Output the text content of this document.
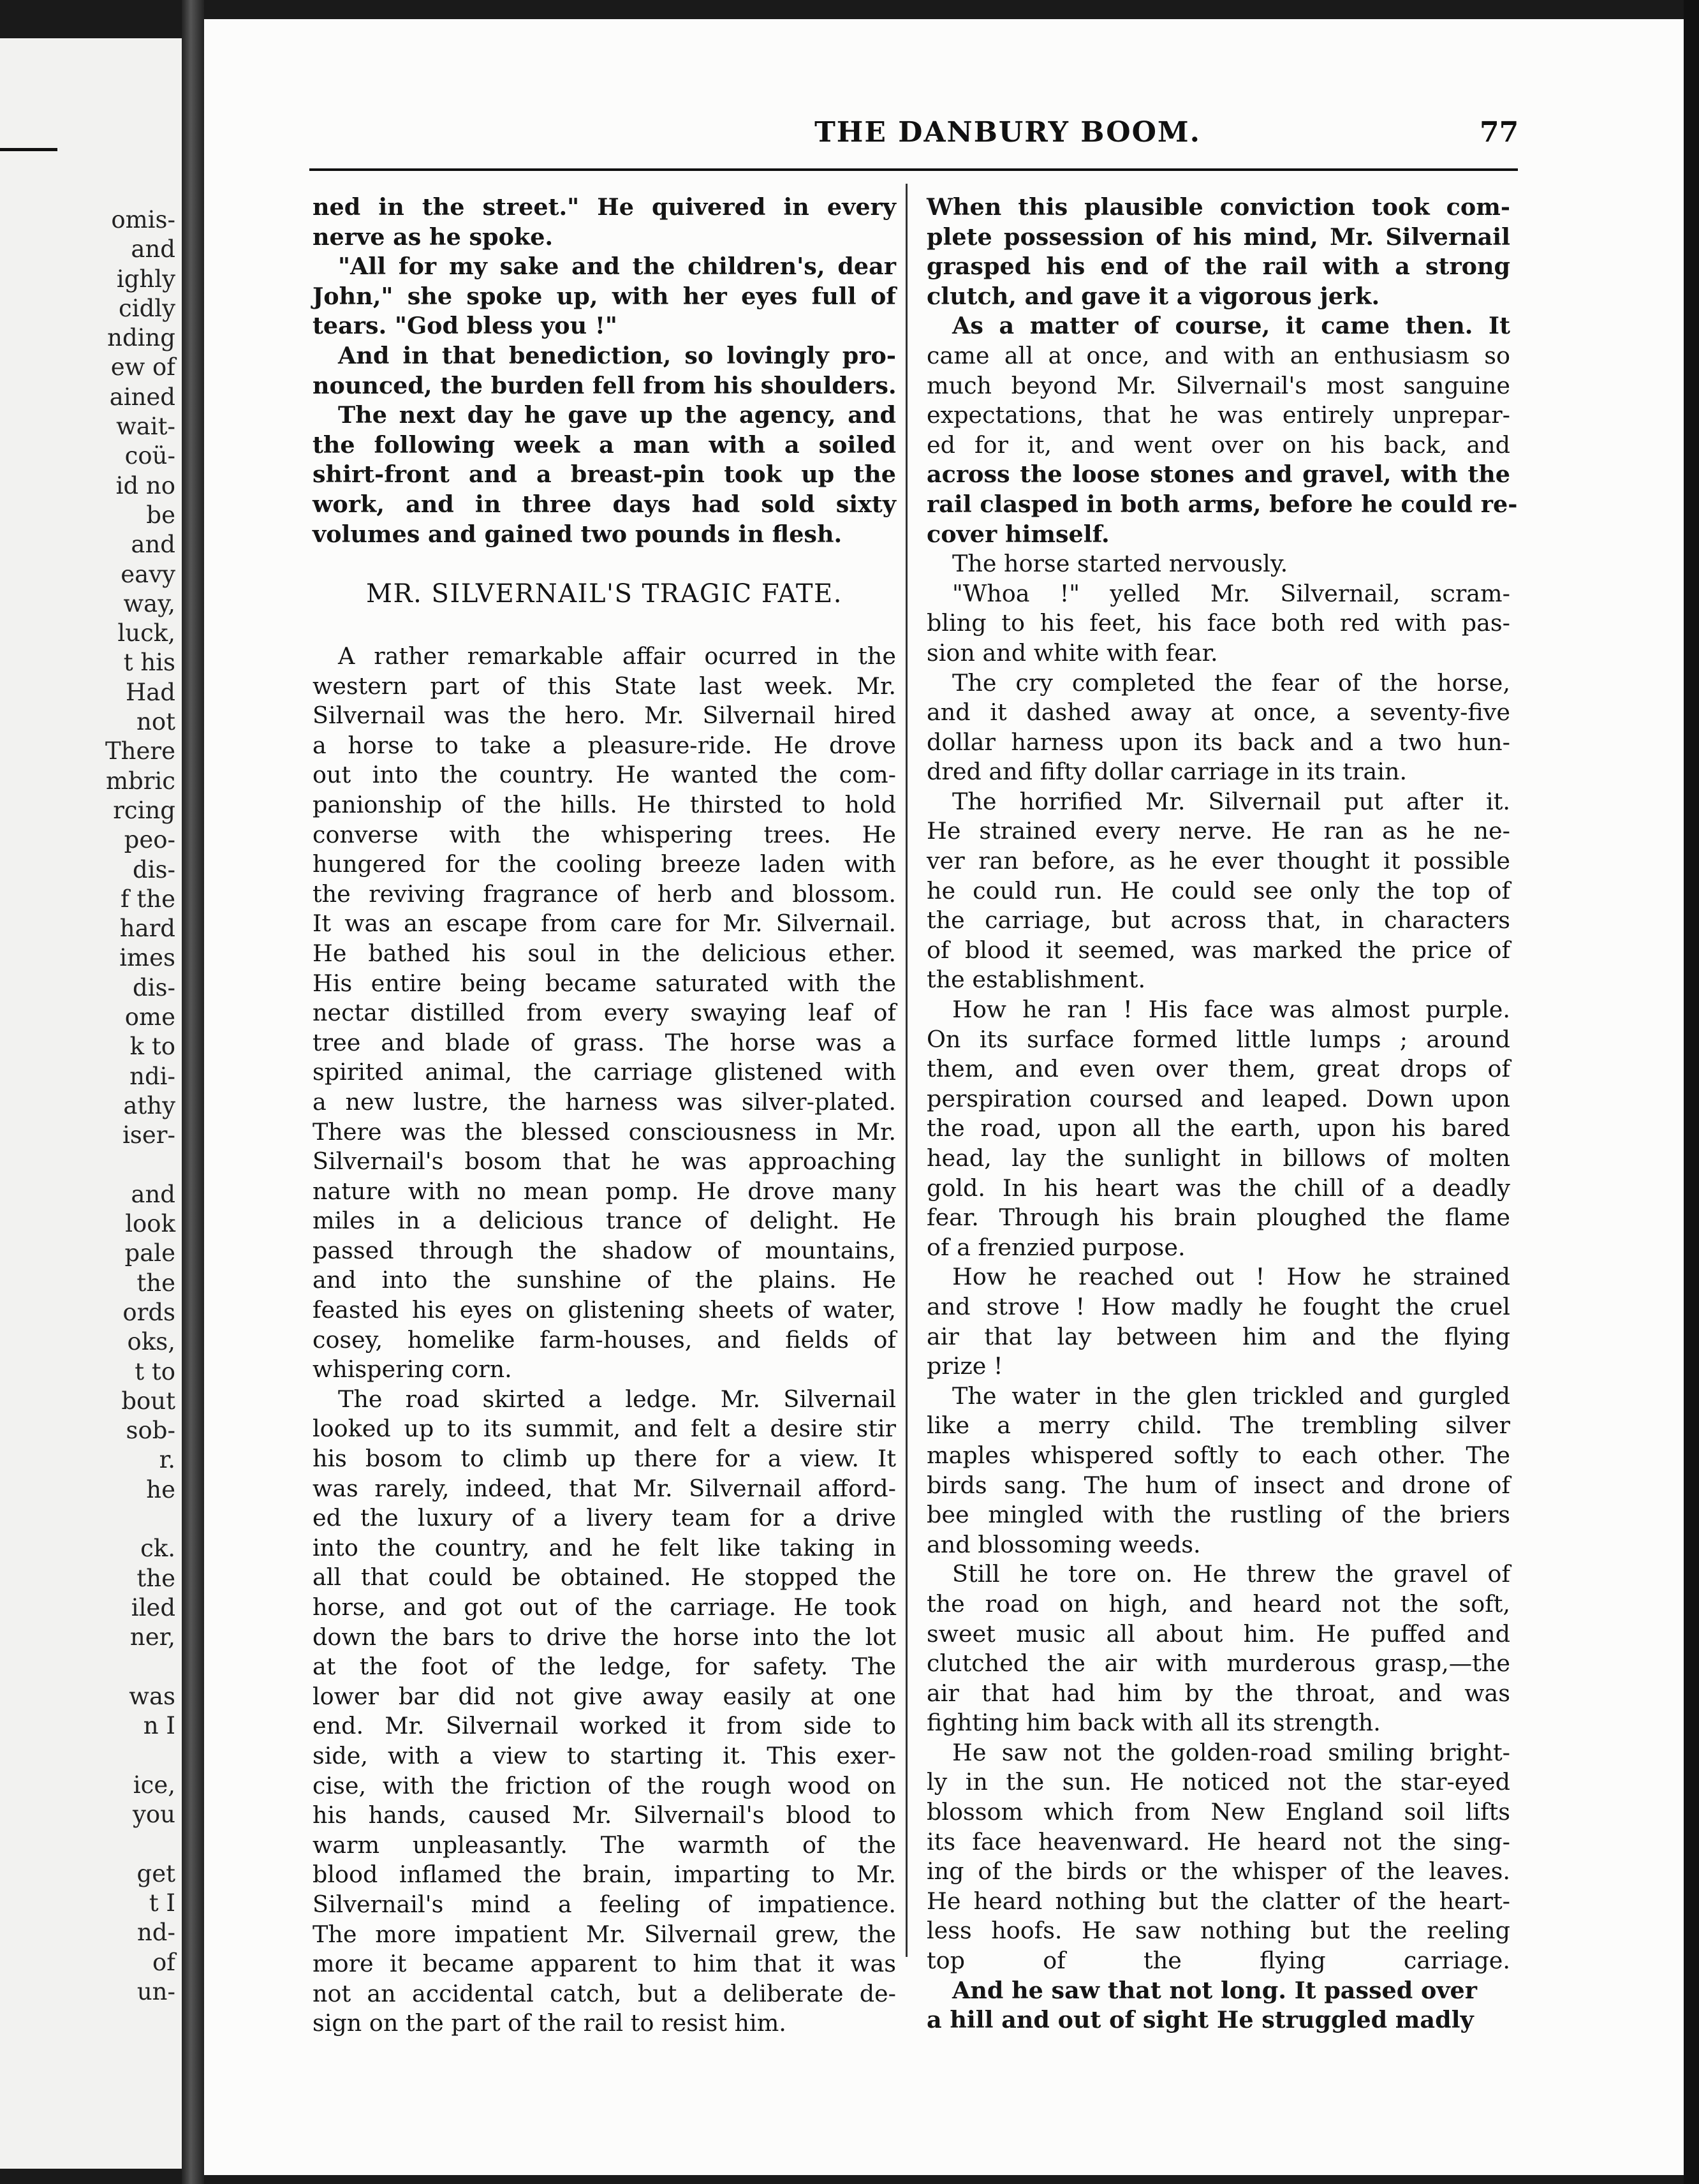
omis-
and
ighly
cidly
nding
ew of
ained
wait-
coü-
id no
be
and
eavy
way,
luck,
t his
Had
not
There
mbric
rcing
peo-
dis-
f the
hard
imes
dis-
ome
k to
ndi-
athy
iser-

and
look
pale
the
ords
oks,
t to
bout
sob-
r.
he

ck.
the
iled
ner,

was
n I

ice,
you

get
t I
nd-
of
un-
THE DANBURY BOOM.	77
ned in the street." He quivered in every
nerve as he spoke.
"All for my sake and the children's, dear
John," she spoke up, with her eyes full of
tears. "God bless you !"
And in that benediction, so lovingly pro-
nounced, the burden fell from his shoulders.
The next day he gave up the agency, and
the following week a man with a soiled
shirt-front and a breast-pin took up the
work, and in three days had sold sixty
volumes and gained two pounds in flesh.
MR. SILVERNAIL'S TRAGIC FATE.
A rather remarkable affair ocurred in the
western part of this State last week. Mr.
Silvernail was the hero. Mr. Silvernail hired
a horse to take a pleasure-ride. He drove
out into the country. He wanted the com-
panionship of the hills. He thirsted to hold
converse with the whispering trees. He
hungered for the cooling breeze laden with
the reviving fragrance of herb and blossom.
It was an escape from care for Mr. Silvernail.
He bathed his soul in the delicious ether.
His entire being became saturated with the
nectar distilled from every swaying leaf of
tree and blade of grass. The horse was a
spirited animal, the carriage glistened with
a new lustre, the harness was silver-plated.
There was the blessed consciousness in Mr.
Silvernail's bosom that he was approaching
nature with no mean pomp. He drove many
miles in a delicious trance of delight. He
passed through the shadow of mountains,
and into the sunshine of the plains. He
feasted his eyes on glistening sheets of water,
cosey, homelike farm-houses, and fields of
whispering corn.
The road skirted a ledge. Mr. Silvernail
looked up to its summit, and felt a desire stir
his bosom to climb up there for a view. It
was rarely, indeed, that Mr. Silvernail afford-
ed the luxury of a livery team for a drive
into the country, and he felt like taking in
all that could be obtained. He stopped the
horse, and got out of the carriage. He took
down the bars to drive the horse into the lot
at the foot of the ledge, for safety. The
lower bar did not give away easily at one
end. Mr. Silvernail worked it from side to
side, with a view to starting it. This exer-
cise, with the friction of the rough wood on
his hands, caused Mr. Silvernail's blood to
warm unpleasantly. The warmth of the
blood inflamed the brain, imparting to Mr.
Silvernail's mind a feeling of impatience.
The more impatient Mr. Silvernail grew, the
more it became apparent to him that it was
not an accidental catch, but a deliberate de-
sign on the part of the rail to resist him.
When this plausible conviction took com-
plete possession of his mind, Mr. Silvernail
grasped his end of the rail with a strong
clutch, and gave it a vigorous jerk.
As a matter of course, it came then. It
came all at once, and with an enthusiasm so
much beyond Mr. Silvernail's most sanguine
expectations, that he was entirely unprepar-
ed for it, and went over on his back, and
across the loose stones and gravel, with the
rail clasped in both arms, before he could re-
cover himself.
The horse started nervously.
"Whoa !" yelled Mr. Silvernail, scram-
bling to his feet, his face both red with pas-
sion and white with fear.
The cry completed the fear of the horse,
and it dashed away at once, a seventy-five
dollar harness upon its back and a two hun-
dred and fifty dollar carriage in its train.
The horrified Mr. Silvernail put after it.
He strained every nerve. He ran as he ne-
ver ran before, as he ever thought it possible
he could run. He could see only the top of
the carriage, but across that, in characters
of blood it seemed, was marked the price of
the establishment.
How he ran ! His face was almost purple.
On its surface formed little lumps ; around
them, and even over them, great drops of
perspiration coursed and leaped. Down upon
the road, upon all the earth, upon his bared
head, lay the sunlight in billows of molten
gold. In his heart was the chill of a deadly
fear. Through his brain ploughed the flame
of a frenzied purpose.
How he reached out ! How he strained
and strove ! How madly he fought the cruel
air that lay between him and the flying
prize !
The water in the glen trickled and gurgled
like a merry child. The trembling silver
maples whispered softly to each other. The
birds sang. The hum of insect and drone of
bee mingled with the rustling of the briers
and blossoming weeds.
Still he tore on. He threw the gravel of
the road on high, and heard not the soft,
sweet music all about him. He puffed and
clutched the air with murderous grasp,—the
air that had him by the throat, and was
fighting him back with all its strength.
He saw not the golden-road smiling bright-
ly in the sun. He noticed not the star-eyed
blossom which from New England soil lifts
its face heavenward. He heard not the sing-
ing of the birds or the whisper of the leaves.
He heard nothing but the clatter of the heart-
less hoofs. He saw nothing but the reeling
top of the flying carriage.
And he saw that not long. It passed over
a hill and out of sight He struggled madly
